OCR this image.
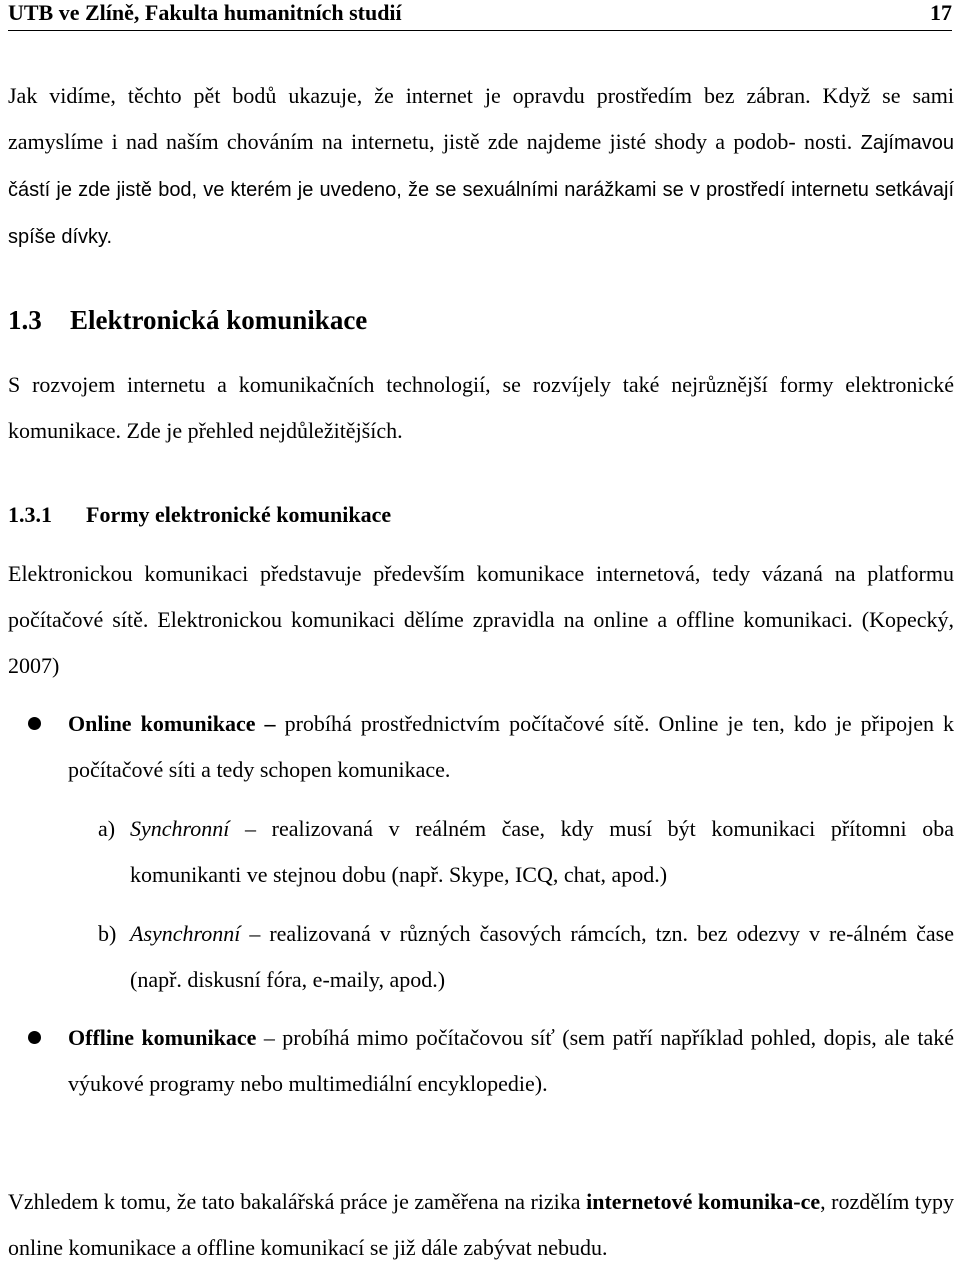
UTB ve Zlíně, Fakulta humanitních studií	17

Jak vidíme, těchto pět bodů ukazuje, že internet je opravdu prostředím bez zábran. Když se sami zamyslíme i nad naším chováním na internetu, jistě zde najdeme jisté shody a podob- nosti. Zajímavou částí je zde jistě bod, ve kterém je uvedeno, že se sexuálními narážkami se v prostředí internetu setkávají spíše dívky.

1.3 Elektronická komunikace

S rozvojem internetu a komunikačních technologií, se rozvíjely také nejrůznější formy elektronické komunikace. Zde je přehled nejdůležitějších.

1.3.1 Formy elektronické komunikace

Elektronickou komunikaci představuje především komunikace internetová, tedy vázaná na platformu počítačové sítě. Elektronickou komunikaci dělíme zpravidla na online a offline komunikaci. (Kopecký, 2007)

Online komunikace – probíhá prostřednictvím počítačové sítě. Online je ten, kdo je připojen k počítačové síti a tedy schopen komunikace.
a) Synchronní – realizovaná v reálném čase, kdy musí být komunikaci přítomni oba komunikanti ve stejnou dobu (např. Skype, ICQ, chat, apod.)
b) Asynchronní – realizovaná v různých časových rámcích, tzn. bez odezvy v re-álném čase (např. diskusní fóra, e-maily, apod.)
Offline komunikace – probíhá mimo počítačovou síť (sem patří například pohled, dopis, ale také výukové programy nebo multimediální encyklopedie).

Vzhledem k tomu, že tato bakalářská práce je zaměřena na rizika internetové komunika-ce, rozdělím typy online komunikace a offline komunikací se již dále zabývat nebudu.
